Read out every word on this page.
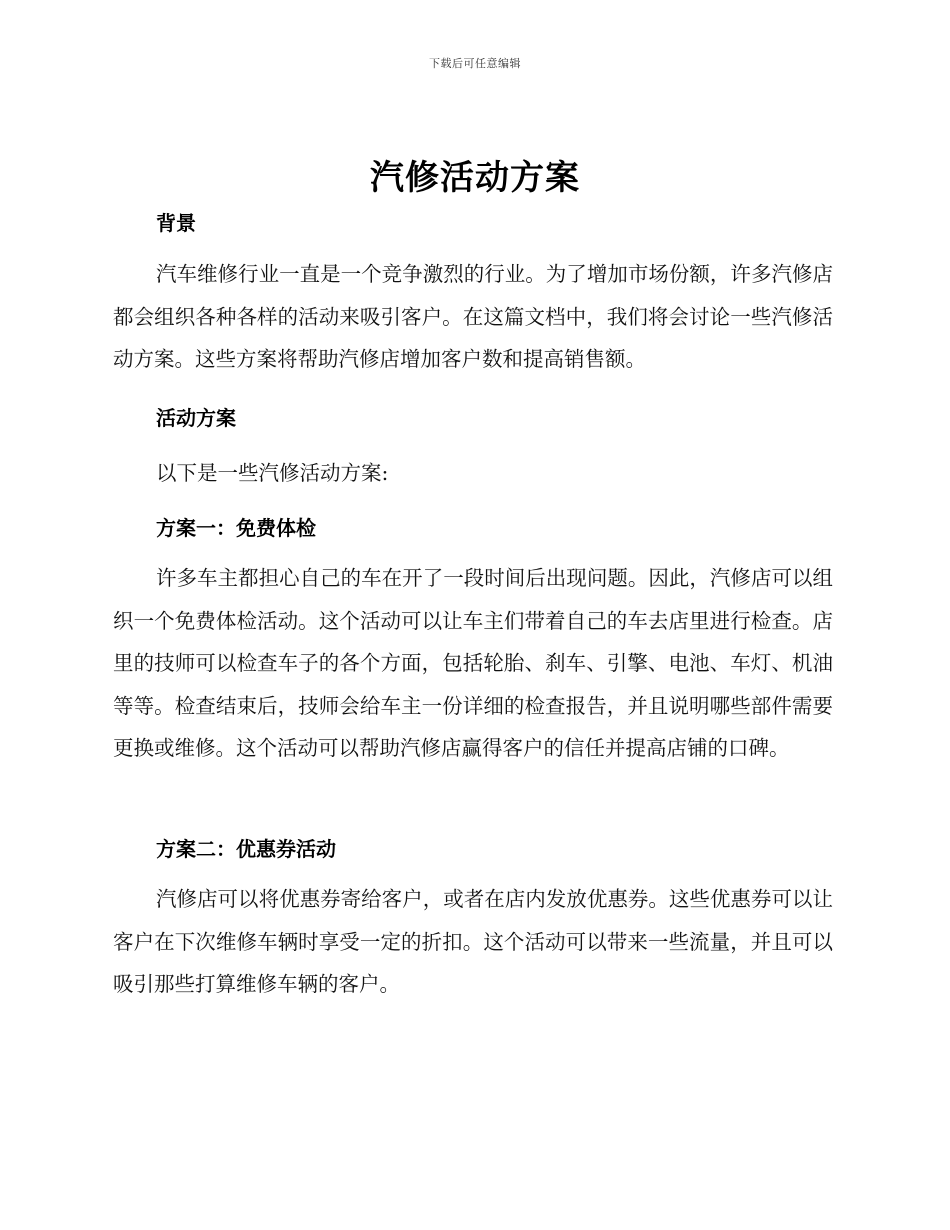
下载后可任意编辑
汽修活动方案
背景
汽车维修行业一直是一个竞争激烈的行业。为了增加市场份额，许多汽修店都会组织各种各样的活动来吸引客户。在这篇文档中，我们将会讨论一些汽修活动方案。这些方案将帮助汽修店增加客户数和提高销售额。
活动方案
以下是一些汽修活动方案:
方案一：免费体检
许多车主都担心自己的车在开了一段时间后出现问题。因此，汽修店可以组织一个免费体检活动。这个活动可以让车主们带着自己的车去店里进行检查。店里的技师可以检查车子的各个方面，包括轮胎、刹车、引擎、电池、车灯、机油等等。检查结束后，技师会给车主一份详细的检查报告，并且说明哪些部件需要更换或维修。这个活动可以帮助汽修店赢得客户的信任并提高店铺的口碑。
方案二：优惠券活动
汽修店可以将优惠券寄给客户，或者在店内发放优惠券。这些优惠券可以让客户在下次维修车辆时享受一定的折扣。这个活动可以带来一些流量，并且可以吸引那些打算维修车辆的客户。
